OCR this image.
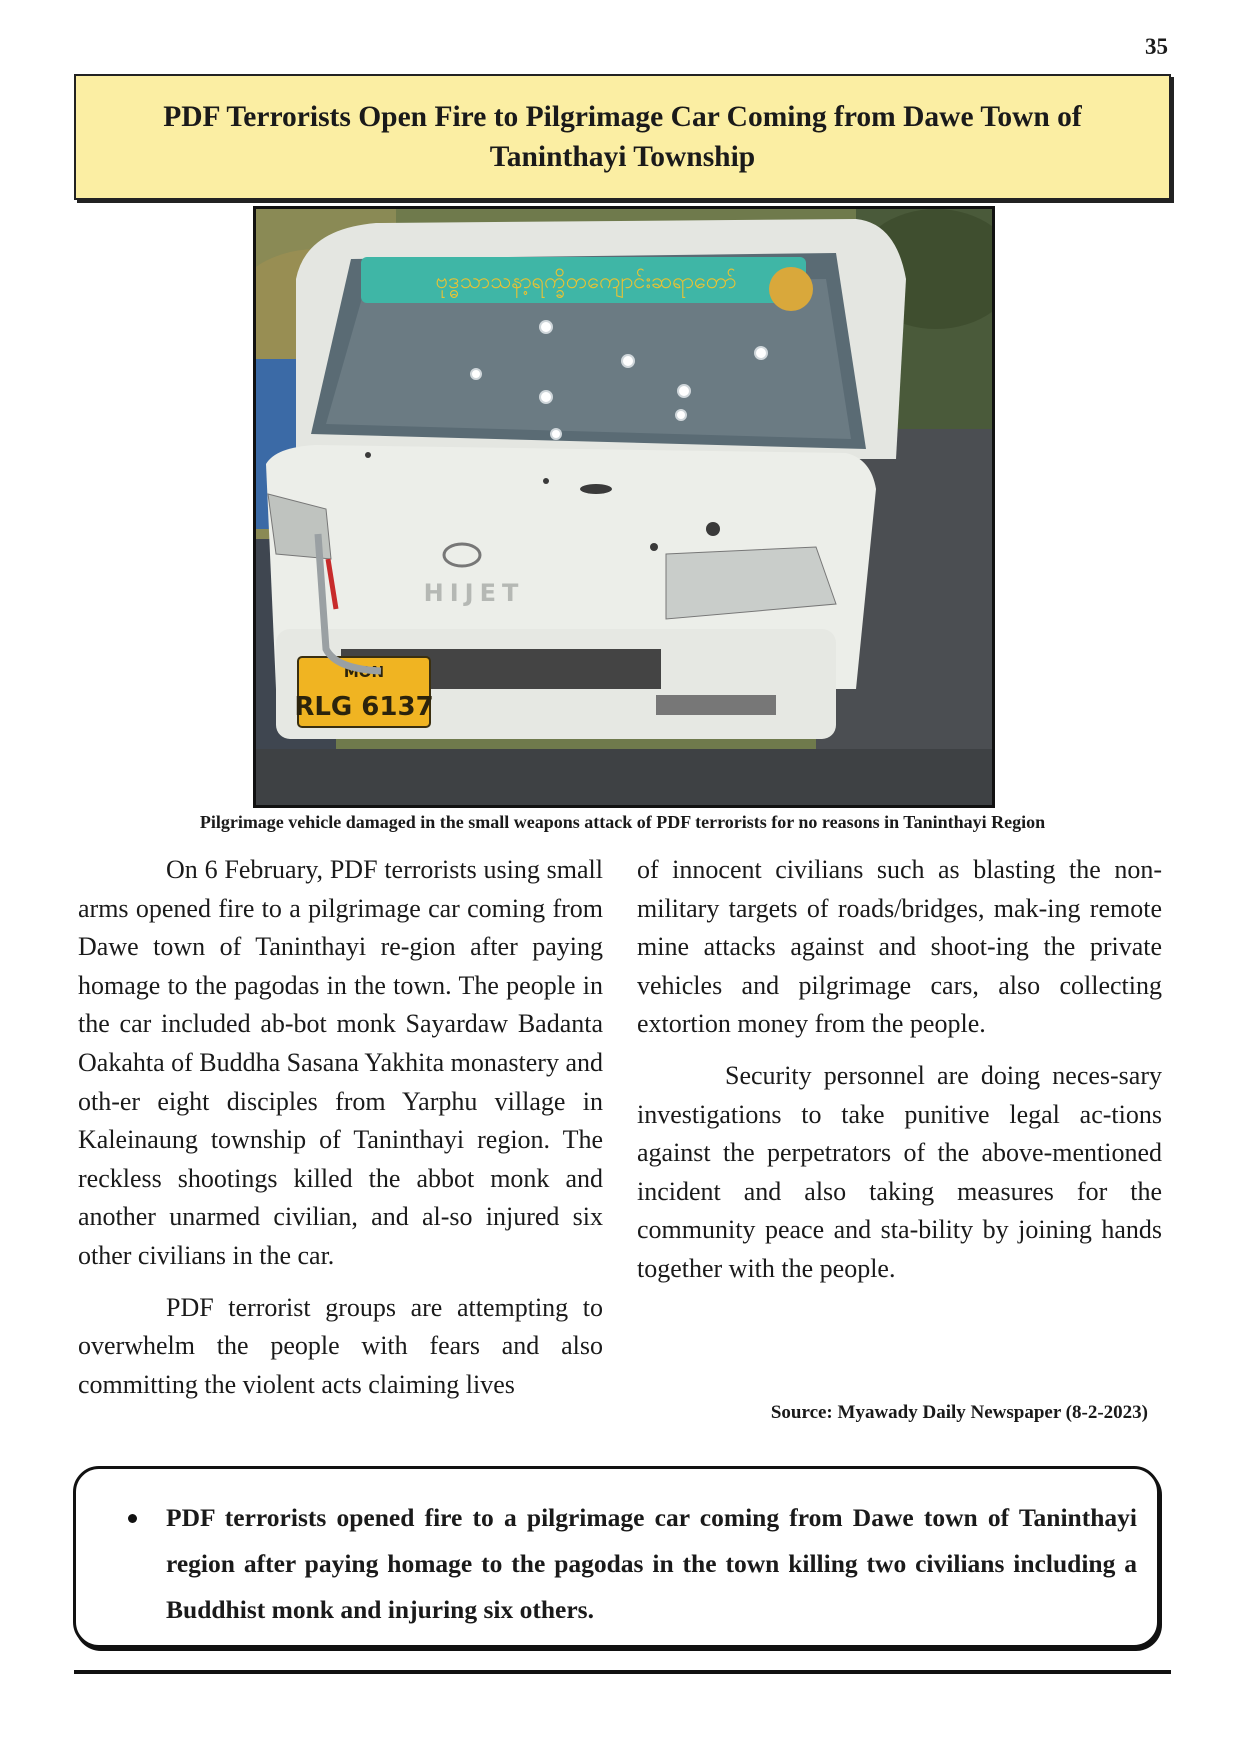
35
PDF Terrorists Open Fire to Pilgrimage Car Coming from Dawe Town of Taninthayi Township
ဗုဒ္ဓသာသနာ့ရက္ခိတကျောင်းဆရာတော်
HIJET
MON
RLG 6137
Pilgrimage vehicle damaged in the small weapons attack of PDF terrorists for no reasons in Taninthayi Region

On 6 February, PDF terrorists using small arms opened fire to a pilgrimage car coming from Dawe town of Taninthayi re-gion after paying homage to the pagodas in the town. The people in the car included ab-bot monk Sayardaw Badanta Oakahta of Buddha Sasana Yakhita monastery and oth-er eight disciples from Yarphu village in Kaleinaung township of Taninthayi region. The reckless shootings killed the abbot monk and another unarmed civilian, and al-so injured six other civilians in the car.

PDF terrorist groups are attempting to overwhelm the people with fears and also committing the violent acts claiming lives

of innocent civilians such as blasting the non-military targets of roads/bridges, mak-ing remote mine attacks against and shoot-ing the private vehicles and pilgrimage cars, also collecting extortion money from the people.

Security personnel are doing neces-sary investigations to take punitive legal ac-tions against the perpetrators of the above-mentioned incident and also taking measures for the community peace and sta-bility by joining hands together with the people.

Source: Myawady Daily Newspaper (8-2-2023)
PDF terrorists opened fire to a pilgrimage car coming from Dawe town of Taninthayi region after paying homage to the pagodas in the town killing two civilians including a Buddhist monk and injuring six others.
